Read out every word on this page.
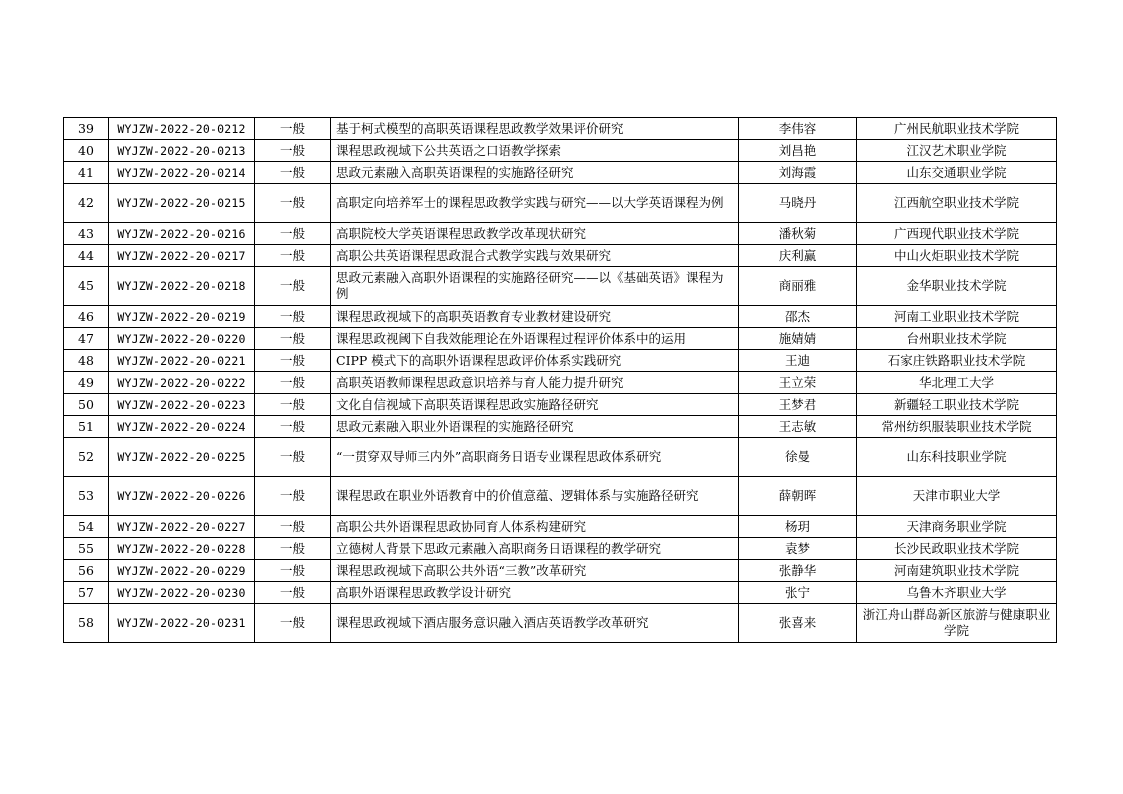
39	WYJZW-2022-20-0212	一般	基于柯式模型的高职英语课程思政教学效果评价研究	李伟容	广州民航职业技术学院
40	WYJZW-2022-20-0213	一般	课程思政视域下公共英语之口语教学探索	刘昌艳	江汉艺术职业学院
41	WYJZW-2022-20-0214	一般	思政元素融入高职英语课程的实施路径研究	刘海霞	山东交通职业学院
42	WYJZW-2022-20-0215	一般	高职定向培养军士的课程思政教学实践与研究——以大学英语课程为例	马晓丹	江西航空职业技术学院
43	WYJZW-2022-20-0216	一般	高职院校大学英语课程思政教学改革现状研究	潘秋菊	广西现代职业技术学院
44	WYJZW-2022-20-0217	一般	高职公共英语课程思政混合式教学实践与效果研究	庆利赢	中山火炬职业技术学院
45	WYJZW-2022-20-0218	一般	思政元素融入高职外语课程的实施路径研究——以《基础英语》课程为例	商丽雅	金华职业技术学院
46	WYJZW-2022-20-0219	一般	课程思政视域下的高职英语教育专业教材建设研究	邵杰	河南工业职业技术学院
47	WYJZW-2022-20-0220	一般	课程思政视阈下自我效能理论在外语课程过程评价体系中的运用	施婧婧	台州职业技术学院
48	WYJZW-2022-20-0221	一般	CIPP 模式下的高职外语课程思政评价体系实践研究	王迪	石家庄铁路职业技术学院
49	WYJZW-2022-20-0222	一般	高职英语教师课程思政意识培养与育人能力提升研究	王立荣	华北理工大学
50	WYJZW-2022-20-0223	一般	文化自信视域下高职英语课程思政实施路径研究	王梦君	新疆轻工职业技术学院
51	WYJZW-2022-20-0224	一般	思政元素融入职业外语课程的实施路径研究	王志敏	常州纺织服装职业技术学院
52	WYJZW-2022-20-0225	一般	“一贯穿双导师三内外”高职商务日语专业课程思政体系研究	徐曼	山东科技职业学院
53	WYJZW-2022-20-0226	一般	课程思政在职业外语教育中的价值意蕴、逻辑体系与实施路径研究	薛朝晖	天津市职业大学
54	WYJZW-2022-20-0227	一般	高职公共外语课程思政协同育人体系构建研究	杨玥	天津商务职业学院
55	WYJZW-2022-20-0228	一般	立德树人背景下思政元素融入高职商务日语课程的教学研究	袁梦	长沙民政职业技术学院
56	WYJZW-2022-20-0229	一般	课程思政视域下高职公共外语“三教”改革研究	张静华	河南建筑职业技术学院
57	WYJZW-2022-20-0230	一般	高职外语课程思政教学设计研究	张宁	乌鲁木齐职业大学
58	WYJZW-2022-20-0231	一般	课程思政视域下酒店服务意识融入酒店英语教学改革研究	张喜来	浙江舟山群岛新区旅游与健康职业学院
